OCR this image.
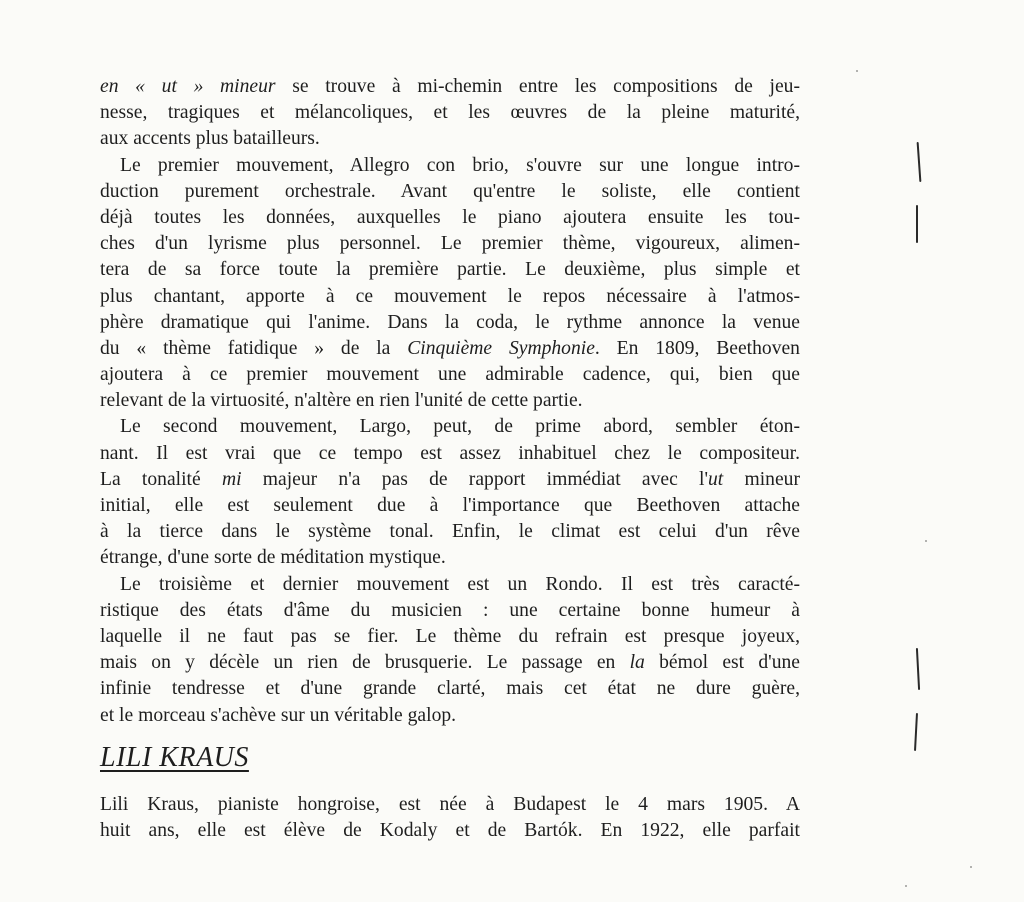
en « ut » mineur se trouve à mi-chemin entre les compositions de jeu-
nesse, tragiques et mélancoliques, et les œuvres de la pleine maturité,
aux accents plus batailleurs.
Le premier mouvement, Allegro con brio, s'ouvre sur une longue intro-
duction purement orchestrale. Avant qu'entre le soliste, elle contient
déjà toutes les données, auxquelles le piano ajoutera ensuite les tou-
ches d'un lyrisme plus personnel. Le premier thème, vigoureux, alimen-
tera de sa force toute la première partie. Le deuxième, plus simple et
plus chantant, apporte à ce mouvement le repos nécessaire à l'atmos-
phère dramatique qui l'anime. Dans la coda, le rythme annonce la venue
du « thème fatidique » de la Cinquième Symphonie. En 1809, Beethoven
ajoutera à ce premier mouvement une admirable cadence, qui, bien que
relevant de la virtuosité, n'altère en rien l'unité de cette partie.
Le second mouvement, Largo, peut, de prime abord, sembler éton-
nant. Il est vrai que ce tempo est assez inhabituel chez le compositeur.
La tonalité mi majeur n'a pas de rapport immédiat avec l'ut mineur
initial, elle est seulement due à l'importance que Beethoven attache
à la tierce dans le système tonal. Enfin, le climat est celui d'un rêve
étrange, d'une sorte de méditation mystique.
Le troisième et dernier mouvement est un Rondo. Il est très caracté-
ristique des états d'âme du musicien : une certaine bonne humeur à
laquelle il ne faut pas se fier. Le thème du refrain est presque joyeux,
mais on y décèle un rien de brusquerie. Le passage en la bémol est d'une
infinie tendresse et d'une grande clarté, mais cet état ne dure guère,
et le morceau s'achève sur un véritable galop.
LILI KRAUS
Lili Kraus, pianiste hongroise, est née à Budapest le 4 mars 1905. A
huit ans, elle est élève de Kodaly et de Bartók. En 1922, elle parfait
